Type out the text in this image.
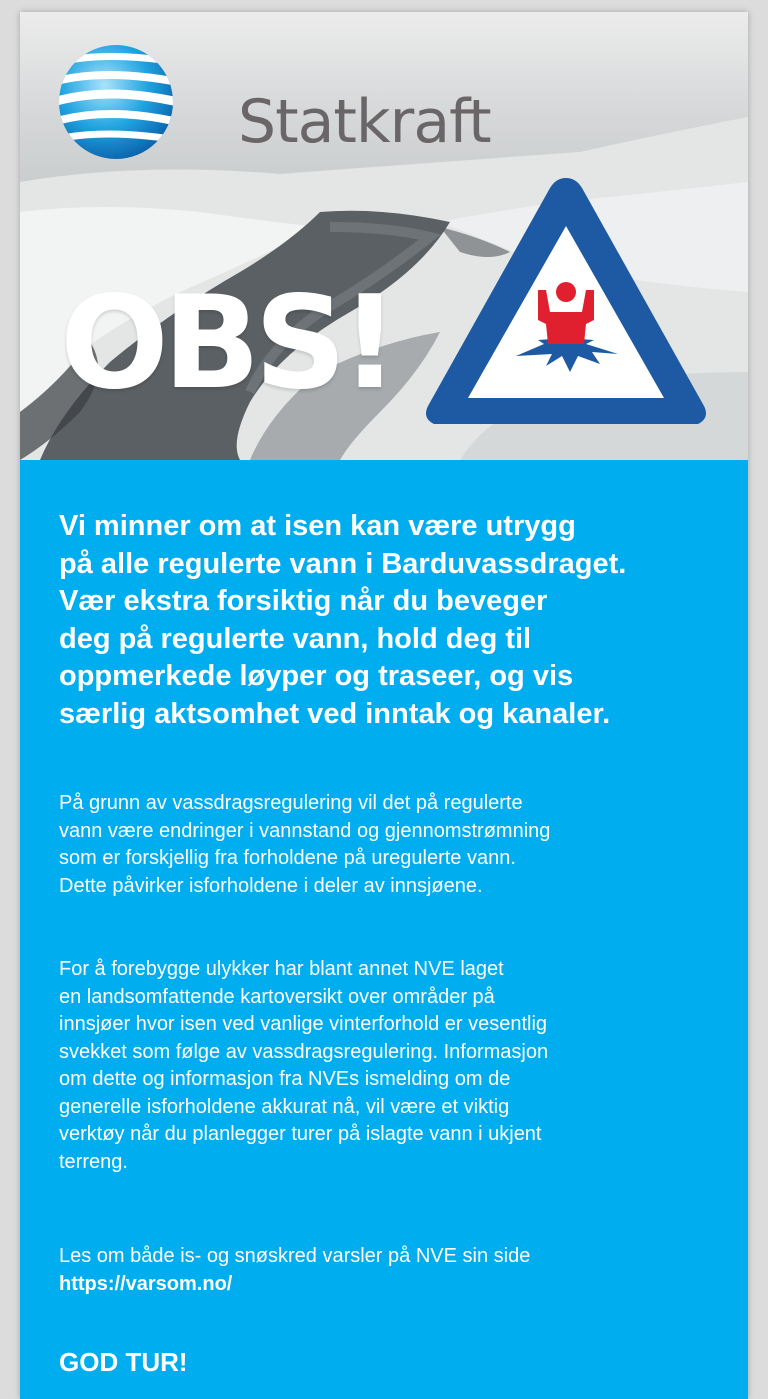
Statkraft
OBS!
Vi minner om at isen kan være utrygg
på alle regulerte vann i Barduvassdraget.
Vær ekstra forsiktig når du beveger
deg på regulerte vann, hold deg til
oppmerkede løyper og traseer, og vis
særlig aktsomhet ved inntak og kanaler.

På grunn av vassdragsregulering vil det på regulerte
vann være endringer i vannstand og gjennomstrømning
som er forskjellig fra forholdene på uregulerte vann.
Dette påvirker isforholdene i deler av innsjøene.

For å forebygge ulykker har blant annet NVE laget
en landsomfattende kartoversikt over områder på
innsjøer hvor isen ved vanlige vinterforhold er vesentlig
svekket som følge av vassdragsregulering. Informasjon
om dette og informasjon fra NVEs ismelding om de
generelle isforholdene akkurat nå, vil være et viktig
verktøy når du planlegger turer på islagte vann i ukjent
terreng.

Les om både is- og snøskred varsler på NVE sin side
https://varsom.no/

GOD TUR!
